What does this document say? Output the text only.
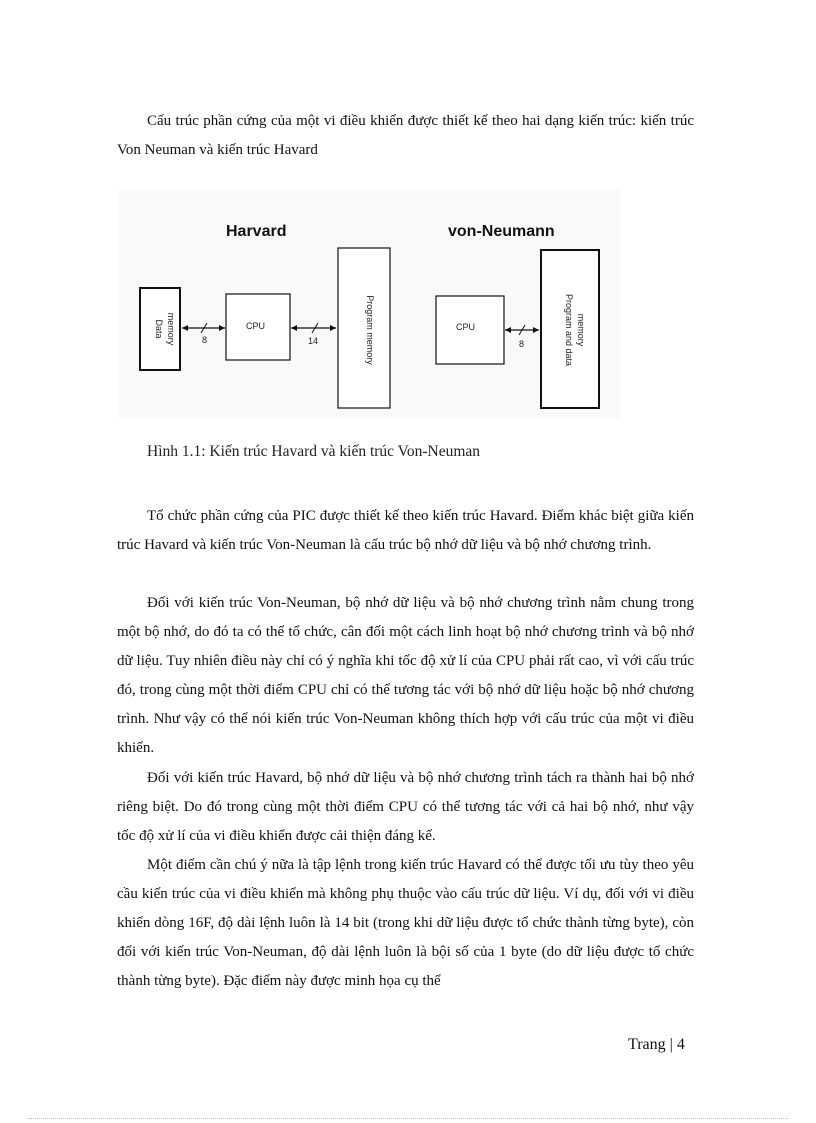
Cấu trúc phần cứng của một vi điều khiển được thiết kế theo hai dạng kiến trúc: kiến trúc Von Neuman và kiến trúc Havard

Harvard	von-Neumann
Data memory	8
CPU
14	Program memory	CPU
8	Program and data memory

Hình 1.1: Kiến trúc Havard và kiến trúc Von-Neuman

Tổ chức phần cứng của PIC được thiết kế theo kiến trúc Havard. Điểm khác biệt giữa kiến trúc Havard và kiến trúc Von-Neuman là cấu trúc bộ nhớ dữ liệu và bộ nhớ chương trình.

Đối với kiến trúc Von-Neuman, bộ nhớ dữ liệu và bộ nhớ chương trình nằm chung trong một bộ nhớ, do đó ta có thể tổ chức, cân đối một cách linh hoạt bộ nhớ chương trình và bộ nhớ dữ liệu. Tuy nhiên điều này chỉ có ý nghĩa khi tốc độ xử lí của CPU phải rất cao, vì với cấu trúc đó, trong cùng một thời điểm CPU chỉ có thể tương tác với bộ nhớ dữ liệu hoặc bộ nhớ chương trình. Như vậy có thể nói kiến trúc Von-Neuman không thích hợp với cấu trúc của một vi điều khiển.

Đối với kiến trúc Havard, bộ nhớ dữ liệu và bộ nhớ chương trình tách ra thành hai bộ nhớ riêng biệt. Do đó trong cùng một thời điểm CPU có thể tương tác với cả hai bộ nhớ, như vậy tốc độ xử lí của vi điều khiển được cải thiện đáng kể.

Một điểm cần chú ý nữa là tập lệnh trong kiến trúc Havard có thể được tối ưu tùy theo yêu cầu kiến trúc của vi điều khiển mà không phụ thuộc vào cấu trúc dữ liệu. Ví dụ, đối với vi điều khiển dòng 16F, độ dài lệnh luôn là 14 bit (trong khi dữ liệu được tổ chức thành từng byte), còn đối với kiến trúc Von-Neuman, độ dài lệnh luôn là bội số của 1 byte (do dữ liệu được tổ chức thành từng byte). Đặc điểm này được minh họa cụ thể

Trang | 4
